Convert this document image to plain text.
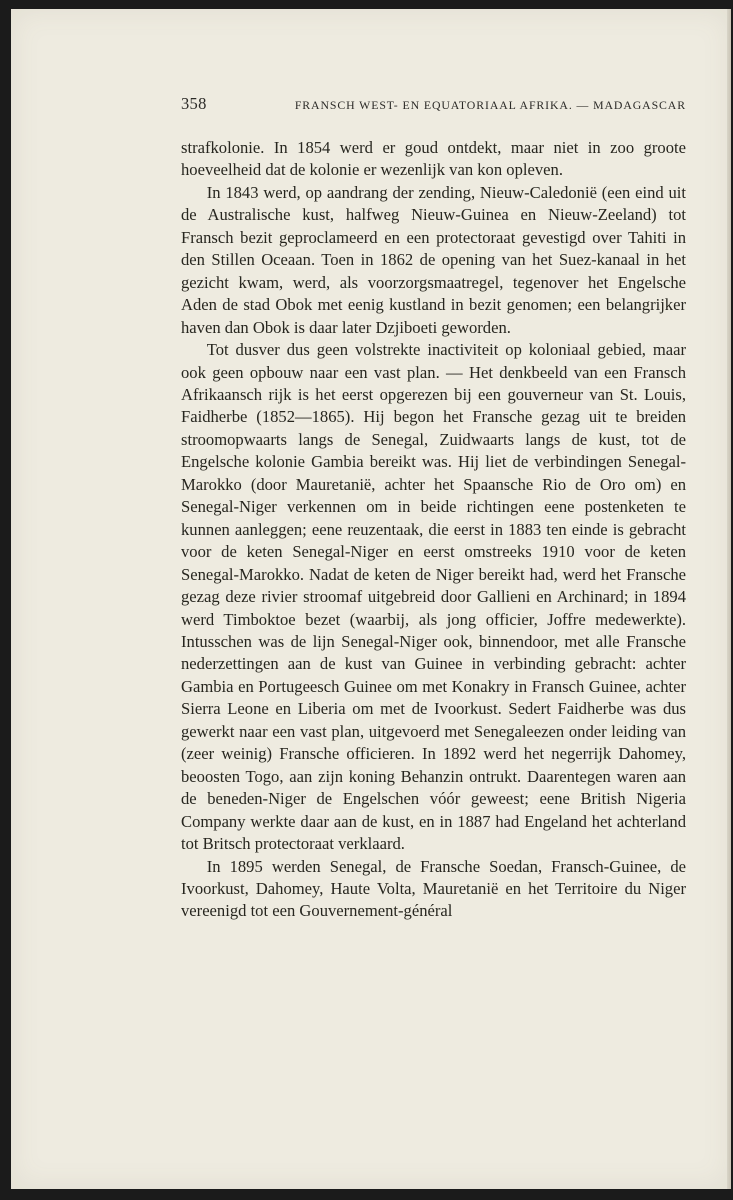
358	FRANSCH WEST- EN EQUATORIAAL AFRIKA. — MADAGASCAR

strafkolonie. In 1854 werd er goud ontdekt, maar niet in zoo groote hoeveelheid dat de kolonie er wezenlijk van kon opleven.

In 1843 werd, op aandrang der zending, Nieuw-Caledonië (een eind uit de Australische kust, halfweg Nieuw-Guinea en Nieuw-Zeeland) tot Fransch bezit geproclameerd en een protectoraat gevestigd over Tahiti in den Stillen Oceaan. Toen in 1862 de opening van het Suez-kanaal in het gezicht kwam, werd, als voorzorgsmaatregel, tegenover het Engelsche Aden de stad Obok met eenig kustland in bezit genomen; een belangrijker haven dan Obok is daar later Dzjiboeti geworden.

Tot dusver dus geen volstrekte inactiviteit op koloniaal gebied, maar ook geen opbouw naar een vast plan. — Het denkbeeld van een Fransch Afrikaansch rijk is het eerst opgerezen bij een gouverneur van St. Louis, Faidherbe (1852—1865). Hij begon het Fransche gezag uit te breiden stroomopwaarts langs de Senegal, Zuidwaarts langs de kust, tot de Engelsche kolonie Gambia bereikt was. Hij liet de verbindingen Senegal-Marokko (door Mauretanië, achter het Spaansche Rio de Oro om) en Senegal-Niger verkennen om in beide richtingen eene postenketen te kunnen aanleggen; eene reuzentaak, die eerst in 1883 ten einde is gebracht voor de keten Senegal-Niger en eerst omstreeks 1910 voor de keten Senegal-Marokko. Nadat de keten de Niger bereikt had, werd het Fransche gezag deze rivier stroomaf uitgebreid door Gallieni en Archinard; in 1894 werd Timboktoe bezet (waarbij, als jong officier, Joffre medewerkte). Intusschen was de lijn Senegal-Niger ook, binnendoor, met alle Fransche nederzettingen aan de kust van Guinee in verbinding gebracht: achter Gambia en Portugeesch Guinee om met Konakry in Fransch Guinee, achter Sierra Leone en Liberia om met de Ivoorkust. Sedert Faidherbe was dus gewerkt naar een vast plan, uitgevoerd met Senegaleezen onder leiding van (zeer weinig) Fransche officieren. In 1892 werd het negerrijk Dahomey, beoosten Togo, aan zijn koning Behanzin ontrukt. Daarentegen waren aan de beneden-Niger de Engelschen vóór geweest; eene British Nigeria Company werkte daar aan de kust, en in 1887 had Engeland het achterland tot Britsch protectoraat verklaard.

In 1895 werden Senegal, de Fransche Soedan, Fransch-Guinee, de Ivoorkust, Dahomey, Haute Volta, Mauretanië en het Territoire du Niger vereenigd tot een Gouvernement-général
